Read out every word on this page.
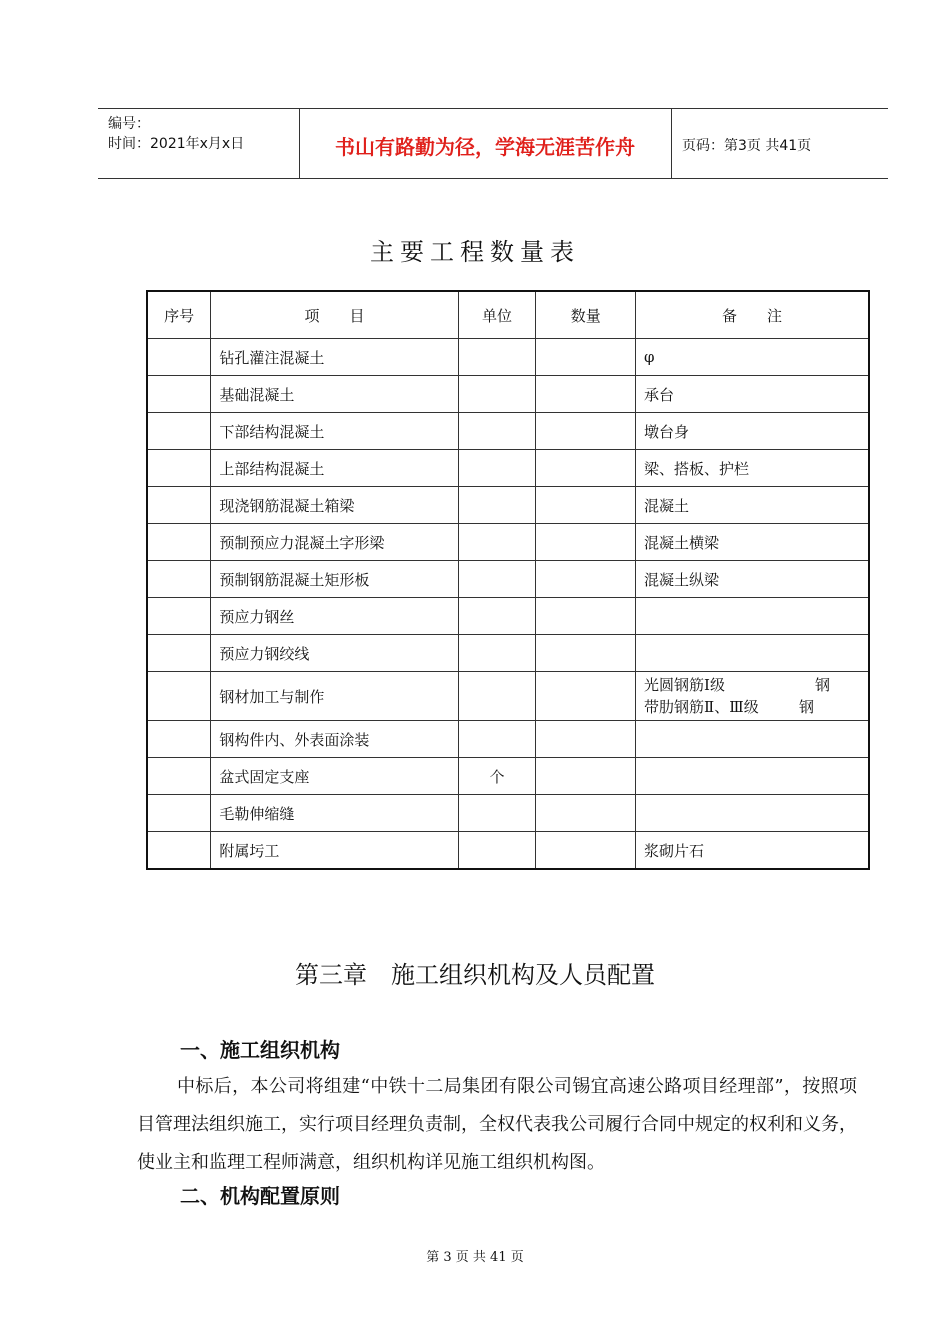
编号：
时间：2021年x月x日	书山有路勤为径，学海无涯苦作舟	页码：第3页 共41页
主要工程数量表
序号	项　　目	单位	数量	备　　注
	钻孔灌注混凝土			φ
	基础混凝土			承台
	下部结构混凝土			墩台身
	上部结构混凝土			梁、搭板、护栏
	现浇钢筋混凝土箱梁			混凝土
	预制预应力混凝土字形梁			混凝土横梁
	预制钢筋混凝土矩形板			混凝土纵梁
	预应力钢丝			
	预应力钢绞线			
	钢材加工与制作			光圆钢筋Ⅰ级 钢
带肋钢筋Ⅱ、Ⅲ级 钢

	钢构件内、外表面涂装			
	盆式固定支座	个		
	毛勒伸缩缝			
	附属圬工			浆砌片石
第三章　施工组织机构及人员配置
一、施工组织机构
中标后，本公司将组建“中铁十二局集团有限公司锡宜高速公路项目经理部”，按照项目管理法组织施工，实行项目经理负责制，全权代表我公司履行合同中规定的权利和义务，使业主和监理工程师满意，组织机构详见施工组织机构图。
二、机构配置原则
第 3 页 共 41 页
